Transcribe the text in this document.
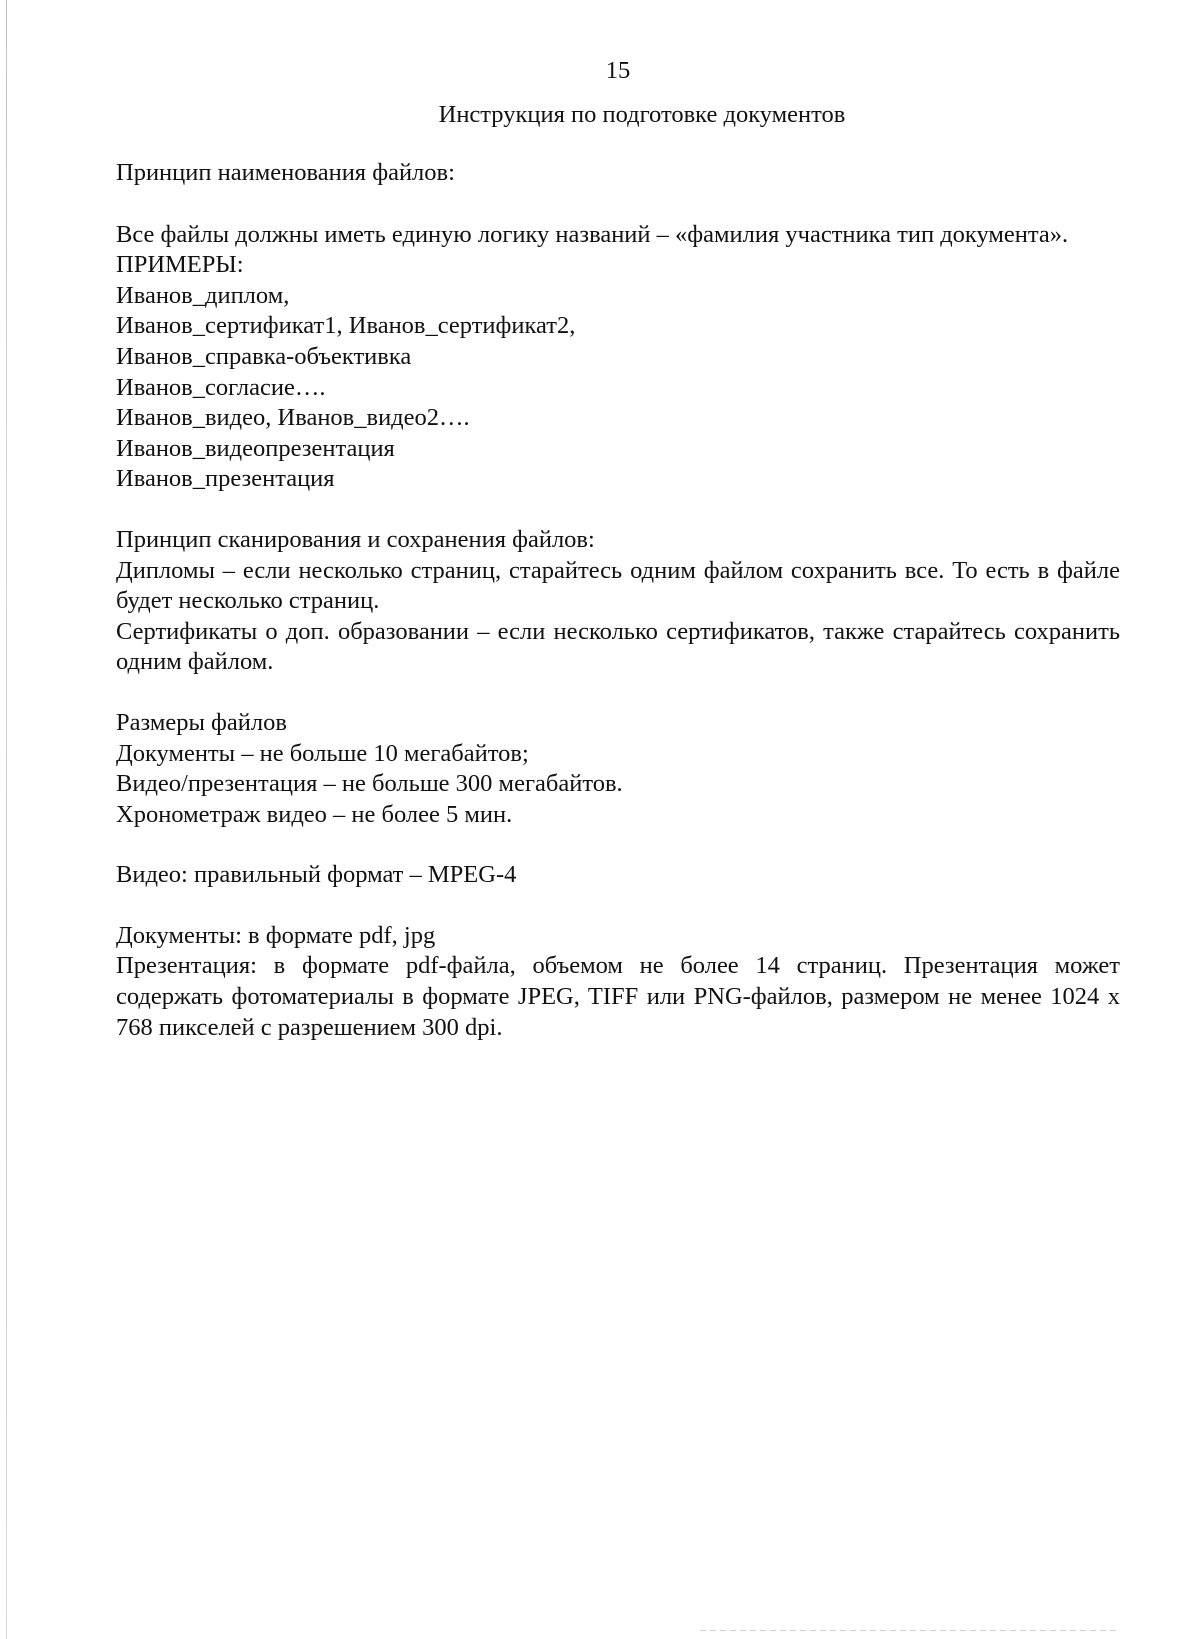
15
Инструкция по подготовке документов

Принцип наименования файлов:

Все файлы должны иметь единую логику названий – «фамилия участника тип документа».

ПРИМЕРЫ:

Иванов_диплом,
Иванов_сертификат1, Иванов_сертификат2,
Иванов_справка-объективка
Иванов_согласие….
Иванов_видео, Иванов_видео2….
Иванов_видеопрезентация
Иванов_презентация

Принцип сканирования и сохранения файлов:

Дипломы – если несколько страниц, старайтесь одним файлом сохранить все. То есть в файле будет несколько страниц.

Сертификаты о доп. образовании – если несколько сертификатов, также старайтесь сохранить одним файлом.

Размеры файлов

Документы – не больше 10 мегабайтов;
Видео/презентация – не больше 300 мегабайтов.
Хронометраж видео – не более 5 мин.

Видео: правильный формат – MPEG-4

Документы: в формате pdf, jpg

Презентация: в формате pdf-файла, объемом не более 14 страниц. Презентация может содержать фотоматериалы в формате JPEG, TIFF или PNG-файлов, размером не менее 1024 х 768 пикселей с разрешением 300 dpi.
